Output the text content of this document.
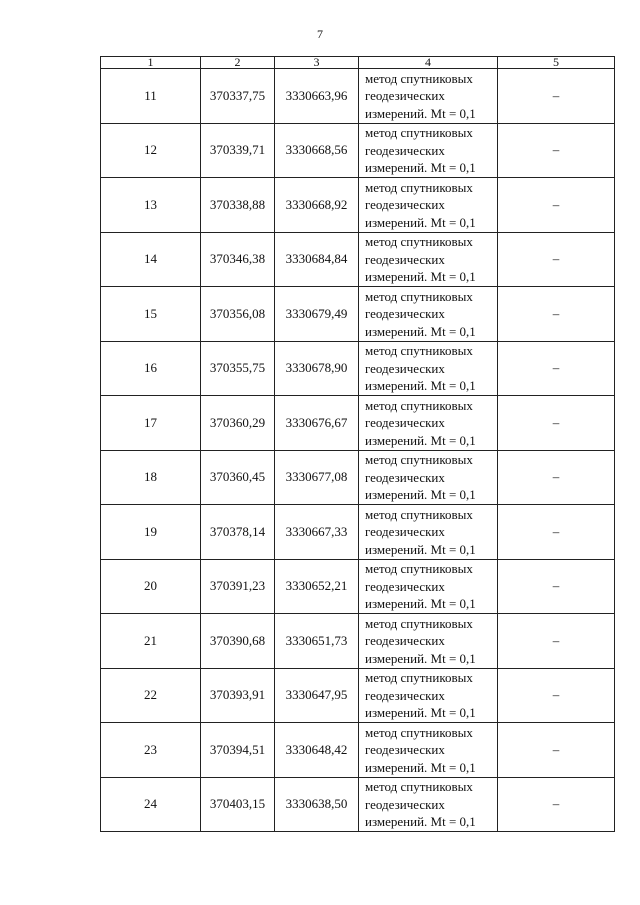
7
1	2	3	4	5
11	370337,75	3330663,96	метод спутниковых
геодезических
измерений. Mt = 0,1	–
12	370339,71	3330668,56	метод спутниковых
геодезических
измерений. Mt = 0,1	–
13	370338,88	3330668,92	метод спутниковых
геодезических
измерений. Mt = 0,1	–
14	370346,38	3330684,84	метод спутниковых
геодезических
измерений. Mt = 0,1	–
15	370356,08	3330679,49	метод спутниковых
геодезических
измерений. Mt = 0,1	–
16	370355,75	3330678,90	метод спутниковых
геодезических
измерений. Mt = 0,1	–
17	370360,29	3330676,67	метод спутниковых
геодезических
измерений. Mt = 0,1	–
18	370360,45	3330677,08	метод спутниковых
геодезических
измерений. Mt = 0,1	–
19	370378,14	3330667,33	метод спутниковых
геодезических
измерений. Mt = 0,1	–
20	370391,23	3330652,21	метод спутниковых
геодезических
измерений. Mt = 0,1	–
21	370390,68	3330651,73	метод спутниковых
геодезических
измерений. Mt = 0,1	–
22	370393,91	3330647,95	метод спутниковых
геодезических
измерений. Mt = 0,1	–
23	370394,51	3330648,42	метод спутниковых
геодезических
измерений. Mt = 0,1	–
24	370403,15	3330638,50	метод спутниковых
геодезических
измерений. Mt = 0,1	–
